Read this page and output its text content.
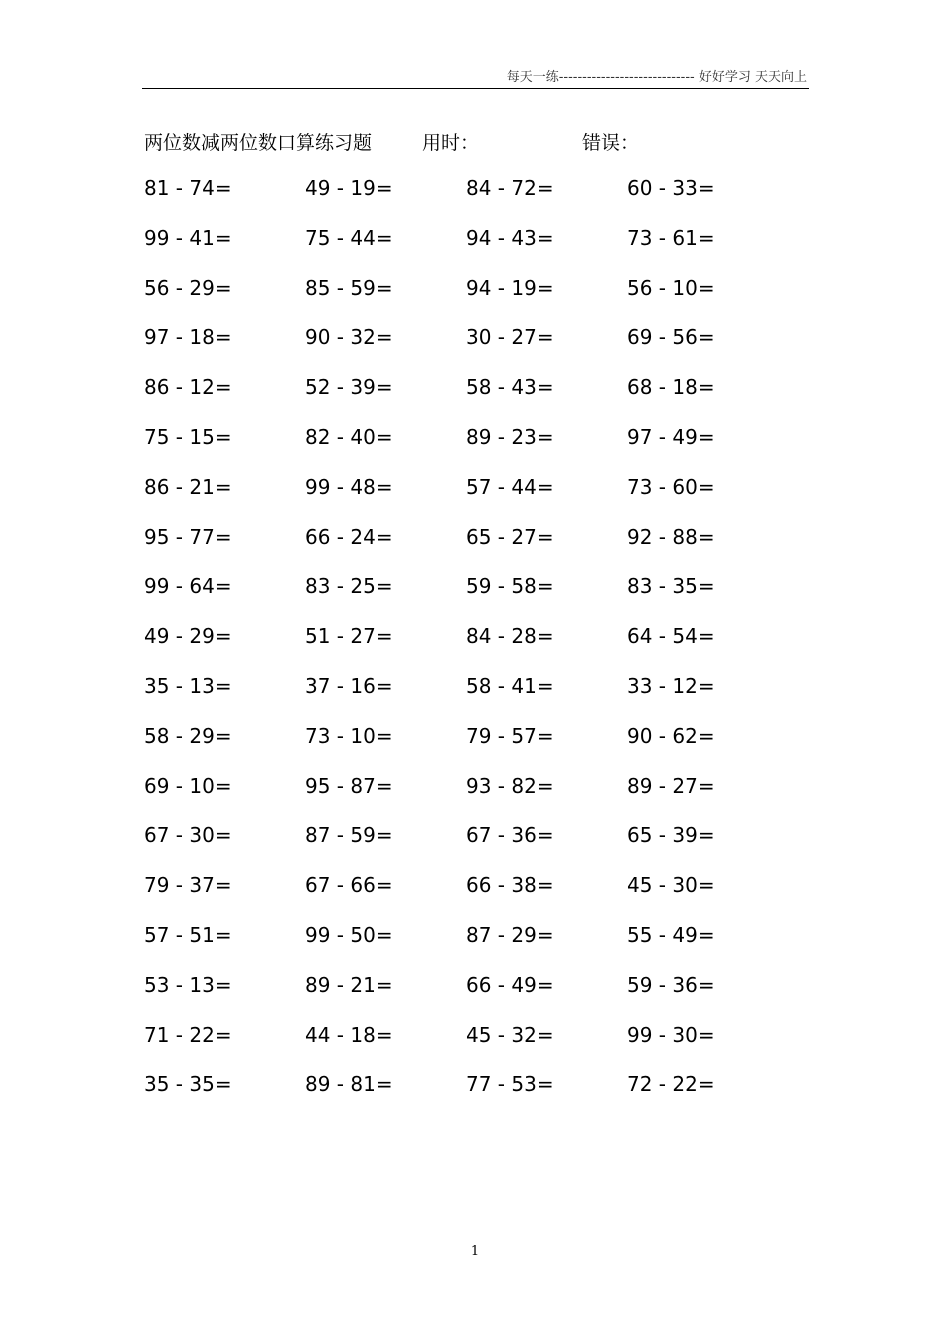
每天一练----------------------------- 好好学习 天天向上
两位数减两位数口算练习题	用时：	错误：
81 - 74=	49 - 19=	84 - 72=	60 - 33=
99 - 41=	75 - 44=	94 - 43=	73 - 61=
56 - 29=	85 - 59=	94 - 19=	56 - 10=
97 - 18=	90 - 32=	30 - 27=	69 - 56=
86 - 12=	52 - 39=	58 - 43=	68 - 18=
75 - 15=	82 - 40=	89 - 23=	97 - 49=
86 - 21=	99 - 48=	57 - 44=	73 - 60=
95 - 77=	66 - 24=	65 - 27=	92 - 88=
99 - 64=	83 - 25=	59 - 58=	83 - 35=
49 - 29=	51 - 27=	84 - 28=	64 - 54=
35 - 13=	37 - 16=	58 - 41=	33 - 12=
58 - 29=	73 - 10=	79 - 57=	90 - 62=
69 - 10=	95 - 87=	93 - 82=	89 - 27=
67 - 30=	87 - 59=	67 - 36=	65 - 39=
79 - 37=	67 - 66=	66 - 38=	45 - 30=
57 - 51=	99 - 50=	87 - 29=	55 - 49=
53 - 13=	89 - 21=	66 - 49=	59 - 36=
71 - 22=	44 - 18=	45 - 32=	99 - 30=
35 - 35=	89 - 81=	77 - 53=	72 - 22=
1
